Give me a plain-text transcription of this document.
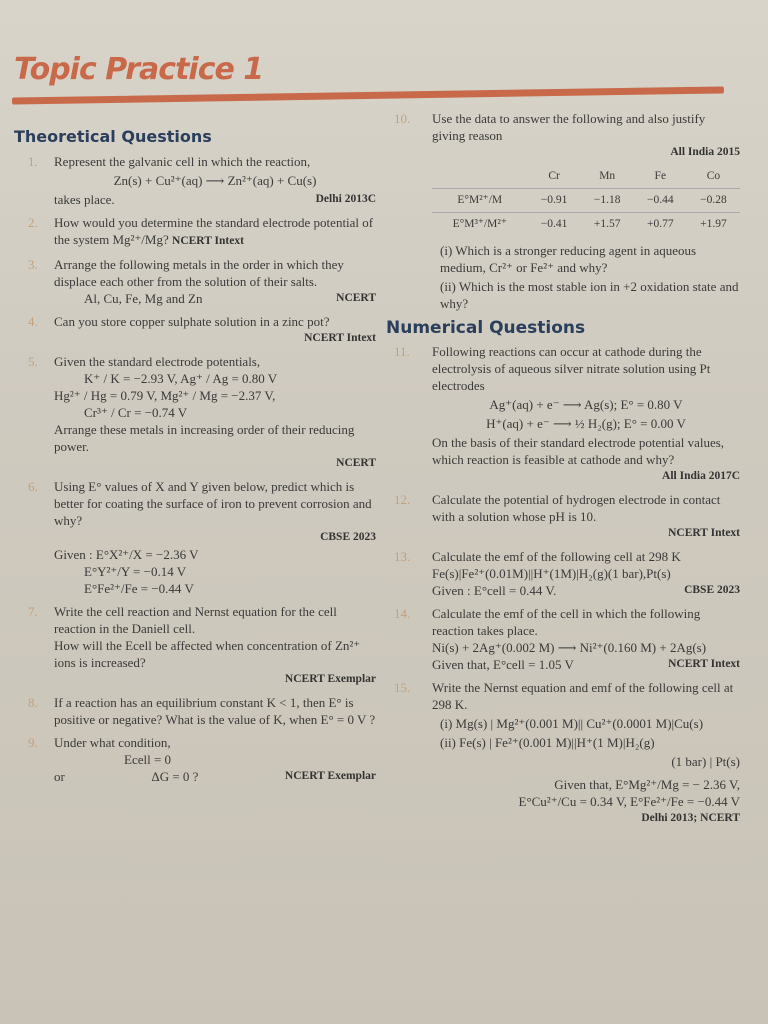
Topic Practice 1
Theoretical Questions
1. Represent the galvanic cell in which the reaction,
Zn(s) + Cu²⁺(aq) ⟶ Zn²⁺(aq) + Cu(s)
takes place.	Delhi 2013C
2. How would you determine the standard electrode potential of the system Mg²⁺/Mg? NCERT Intext
3. Arrange the following metals in the order in which they displace each other from the solution of their salts.
Al, Cu, Fe, Mg and Zn	NCERT
4. Can you store copper sulphate solution in a zinc pot?
NCERT Intext
5. Given the standard electrode potentials,
K⁺ / K = −2.93 V, Ag⁺ / Ag = 0.80 V
Hg²⁺ / Hg = 0.79 V, Mg²⁺ / Mg = −2.37 V,
Cr³⁺ / Cr = −0.74 V
Arrange these metals in increasing order of their reducing power.
NCERT
6. Using E° values of X and Y given below, predict which is better for coating the surface of iron to prevent corrosion and why?
CBSE 2023
Given : E°X²⁺/X = −2.36 V
E°Y²⁺/Y = −0.14 V
E°Fe²⁺/Fe = −0.44 V
7. Write the cell reaction and Nernst equation for the cell reaction in the Daniell cell.
How will the Ecell be affected when concentration of Zn²⁺ ions is increased?
NCERT Exemplar
8. If a reaction has an equilibrium constant K < 1, then E° is positive or negative? What is the value of K, when E° = 0 V ?
9. Under what condition,
Ecell = 0
or	ΔG = 0 ?	NCERT Exemplar
10. Use the data to answer the following and also justify giving reason
All India 2015
	Cr	Mn	Fe	Co
E°M²⁺/M	−0.91	−1.18	−0.44	−0.28
E°M³⁺/M²⁺	−0.41	+1.57	+0.77	+1.97
(i) Which is a stronger reducing agent in aqueous medium, Cr²⁺ or Fe²⁺ and why?
(ii) Which is the most stable ion in +2 oxidation state and why?
Numerical Questions
11. Following reactions can occur at cathode during the electrolysis of aqueous silver nitrate solution using Pt electrodes
Ag⁺(aq) + e⁻ ⟶ Ag(s); E° = 0.80 V
H⁺(aq) + e⁻ ⟶ ½ H₂(g); E° = 0.00 V
On the basis of their standard electrode potential values, which reaction is feasible at cathode and why?
All India 2017C
12. Calculate the potential of hydrogen electrode in contact with a solution whose pH is 10.
NCERT Intext
13. Calculate the emf of the following cell at 298 K
Fe(s)|Fe²⁺(0.01M)||H⁺(1M)|H₂(g)(1 bar),Pt(s)
Given : E°cell = 0.44 V.	CBSE 2023
14. Calculate the emf of the cell in which the following reaction takes place.
Ni(s) + 2Ag⁺(0.002 M) ⟶ Ni²⁺(0.160 M) + 2Ag(s)
Given that, E°cell = 1.05 V	NCERT Intext
15. Write the Nernst equation and emf of the following cell at 298 K.
(i) Mg(s) | Mg²⁺(0.001 M)|| Cu²⁺(0.0001 M)|Cu(s)
(ii) Fe(s) | Fe²⁺(0.001 M)||H⁺(1 M)|H₂(g)
(1 bar) | Pt(s)
Given that, E°Mg²⁺/Mg = − 2.36 V,
E°Cu²⁺/Cu = 0.34 V, E°Fe²⁺/Fe = −0.44 V
Delhi 2013; NCERT
